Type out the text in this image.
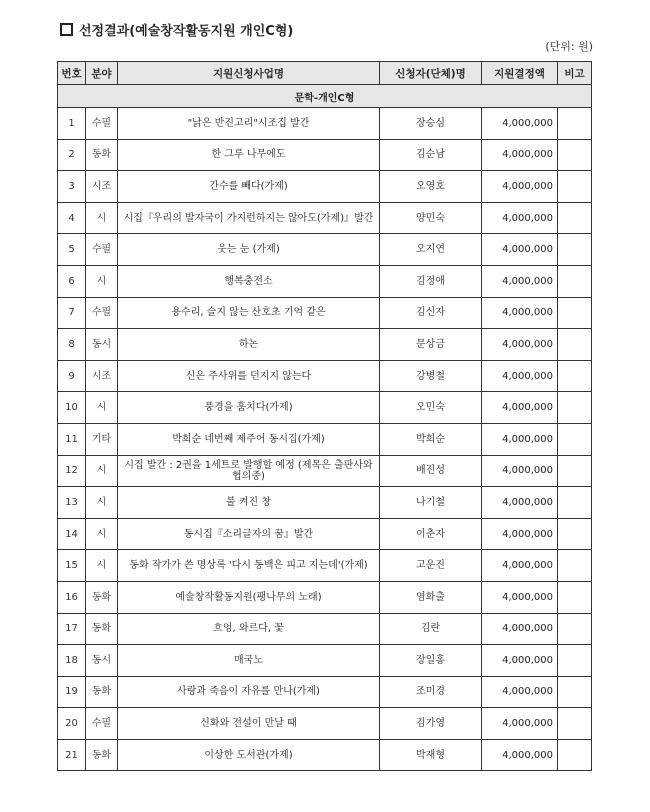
선정결과(예술창작활동지원 개인C형)
(단위: 원)
번호	분야	지원신청사업명	신청자(단체)명	지원결정액	비고
문학-개인C형					
1	수필	"낡은 반진고리"시조집 발간	장승심	4,000,000	
2	동화	한 그루 나무에도	김순남	4,000,000	
3	시조	간수를 빼다(가제)	오영호	4,000,000	
4	시	시집『우리의 발자국이 가지런하지는 않아도(가제)』발간	양민숙	4,000,000	
5	수필	웃는 눈 (가제)	오지연	4,000,000	
6	시	행복충전소	김정애	4,000,000	
7	수필	용수리, 슬지 않는 산호초 기억 같은	김신자	4,000,000	
8	동시	하논	문상금	4,000,000	
9	시조	신은 주사위를 던지지 않는다	강병철	4,000,000	
10	시	풍경을 훔치다(가제)	오민숙	4,000,000	
11	기타	박희순 네번째 제주어 동시집(가제)	박희순	4,000,000	
12	시	시집 발간 : 2권을 1세트로 발행할 예정 (제목은 출판사와 협의중)	배진성	4,000,000	
13	시	불 켜진 창	나기철	4,000,000	
14	시	동시집『소리글자의 꿈』발간	이춘자	4,000,000	
15	시	동화 작가가 쓴 명상록 '다시 동백은 피고 지는데'(가제)	고운진	4,000,000	
16	동화	예술창작활동지원(팽나무의 노래)	염화출	4,000,000	
17	동화	흐엉, 와르다, 꽃	김란	4,000,000	
18	동시	매국노	장일홍	4,000,000	
19	동화	사랑과 죽음이 자유를 만나(가제)	조미경	4,000,000	
20	수필	신화와 전설이 만날 때	김가영	4,000,000	
21	동화	이상한 도서관(가제)	박재형	4,000,000	
